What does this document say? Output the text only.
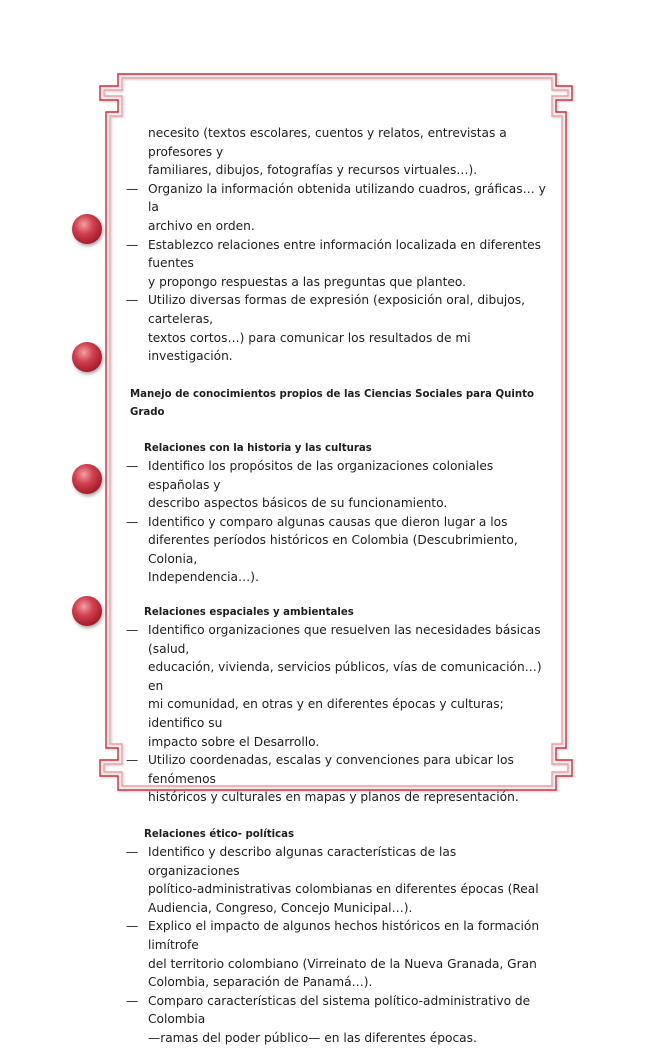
necesito (textos escolares, cuentos y relatos, entrevistas a profesores y
familiares, dibujos, fotografías y recursos virtuales…).
— Organizo la información obtenida utilizando cuadros, gráficas… y la
archivo en orden.
— Establezco relaciones entre información localizada en diferentes fuentes
y propongo respuestas a las preguntas que planteo.
— Utilizo diversas formas de expresión (exposición oral, dibujos, carteleras,
textos cortos…) para comunicar los resultados de mi investigación.
Manejo de conocimientos propios de las Ciencias Sociales para Quinto Grado
Relaciones con la historia y las culturas
— Identifico los propósitos de las organizaciones coloniales españolas y
describo aspectos básicos de su funcionamiento.
— Identifico y comparo algunas causas que dieron lugar a los
diferentes períodos históricos en Colombia (Descubrimiento, Colonia,
Independencia…).
Relaciones espaciales y ambientales
— Identifico organizaciones que resuelven las necesidades básicas (salud,
educación, vivienda, servicios públicos, vías de comunicación…) en
mi comunidad, en otras y en diferentes épocas y culturas; identifico su
impacto sobre el Desarrollo.
— Utilizo coordenadas, escalas y convenciones para ubicar los fenómenos
históricos y culturales en mapas y planos de representación.
Relaciones ético- políticas
— Identifico y describo algunas características de las organizaciones
político-administrativas colombianas en diferentes épocas (Real
Audiencia, Congreso, Concejo Municipal…).
— Explico el impacto de algunos hechos históricos en la formación limítrofe
del territorio colombiano (Virreinato de la Nueva Granada, Gran
Colombia, separación de Panamá…).
— Comparo características del sistema político-administrativo de Colombia
—ramas del poder público— en las diferentes épocas.
